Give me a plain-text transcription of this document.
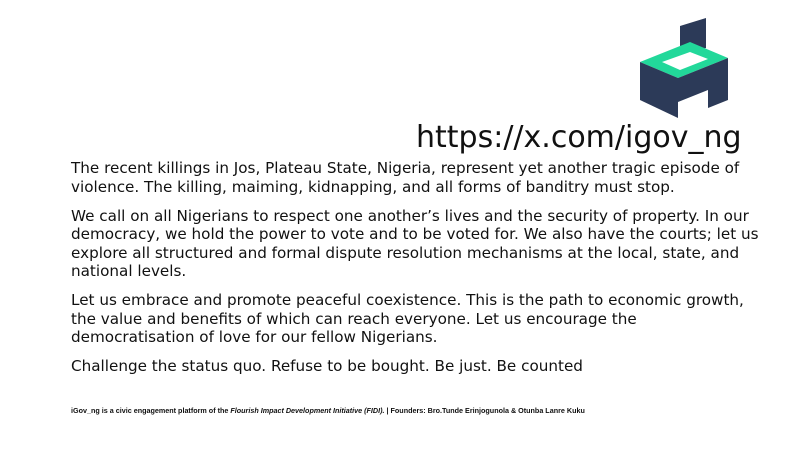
https://x.com/igov_ng

The recent killings in Jos, Plateau State, Nigeria, represent yet another tragic episode of violence. The killing, maiming, kidnapping, and all forms of banditry must stop.

We call on all Nigerians to respect one another’s lives and the security of property. In our democracy, we hold the power to vote and to be voted for. We also have the courts; let us explore all structured and formal dispute resolution mechanisms at the local, state, and national levels.

Let us embrace and promote peaceful coexistence. This is the path to economic growth, the value and benefits of which can reach everyone. Let us encourage the democratisation of love for our fellow Nigerians.

Challenge the status quo. Refuse to be bought. Be just. Be counted

iGov_ng is a civic engagement platform of the Flourish Impact Development Initiative (FIDI). | Founders: Bro.Tunde Erinjogunola & Otunba Lanre Kuku
